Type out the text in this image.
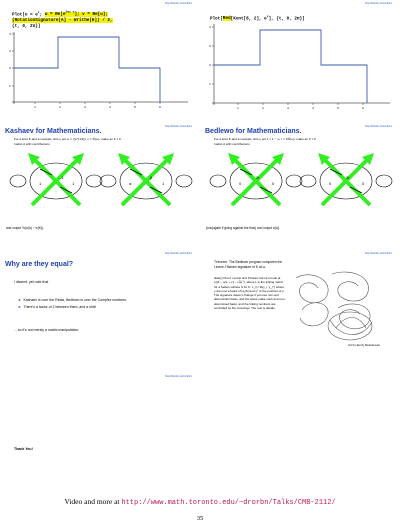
http://drorbn.net/cmb21
Plot[u = $e^x$; $\omega = Re[e^{2\pi i x}]$; v = Re[ω];
(RotationSignature[A] - Writhe[K]) / 2,
{t, 0, 2π}]
1	2	3	4	5	6
1
2
3
4
http://drorbn.net/cmb21
Plot[Red[Kont[8, 2], $e^x$], {t, 0, 2π}]
1	2	3	4	5	6
1
2
3
4
http://drorbn.net/cmb21
Kashaev for Mathematicians.
For a knot K and a complex unit ω set ω = τ(e^{1/2}), ν = ℜ(ω). make an F × F
matrix A with contributions
1
-1
1	α
β
1
and output ½(σ(A) − w(K)).
http://drorbn.net/cmb21
Bedlewo for Mathematicians.
For a knot K and a complex unit ω set z = 1 − ω, r = 2ℜ(ω). make an F × F
matrix A with contributions
0
2r
0	0
2r
0
(conjugate if going against the flow) and output σ(A).
http://drorbn.net/cmb21
Why are they equal?
I dissent, yet note that
► Kashaev is over the Reals, Bedlewo is over the Complex numbers.
► There's a factor of 2 between them, and a shift.
... so it's not merely a matrix manipulation.
http://drorbn.net/cmb21
Theorem. The Bedlewo program computes the Levine-Tristram signature of K at ω.
(Easy) Proof. Levine and Tristram tell us to look at σ((1 − ω)L + (1 − ω̅)Lᵀ), where L is the linking matrix for a Seifert surface S for K: L_ij = lk(γ_i, γ_j⁺) where γ are now a basis of H₁(S) and γ⁺ is the pushout of γ. The signature doesn't change if you use non-unit determinant basis, and the faces make such and non-determined basis, and the linking numbers are controlled by the crossings. The rest is details.
Art by Emily Redelmeier
http://drorbn.net/cmb21
Thank You!
Video and more at http://www.math.toronto.edu/~drorbn/Talks/CMB-2112/
35
